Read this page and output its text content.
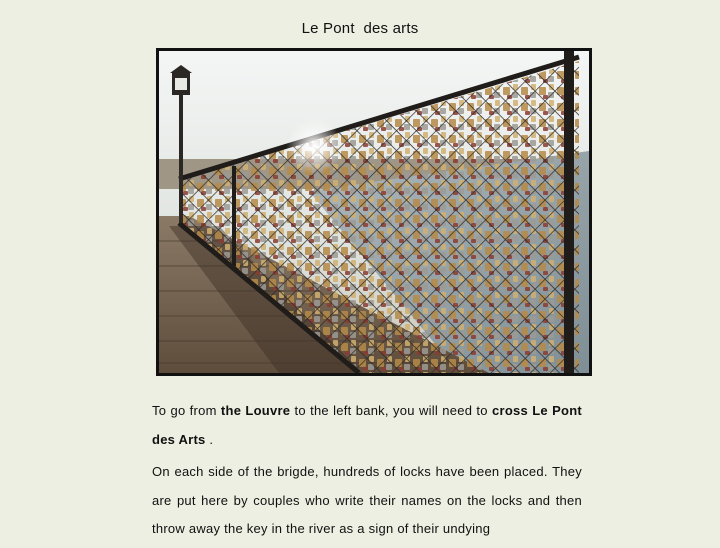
Le Pont  des arts

To go from the Louvre to the left bank, you will need to cross Le Pont des Arts .

On each side of the brigde, hundreds of locks have been placed. They are put here by couples who write their names on the locks and then throw away the key in the river as a sign of their undying
